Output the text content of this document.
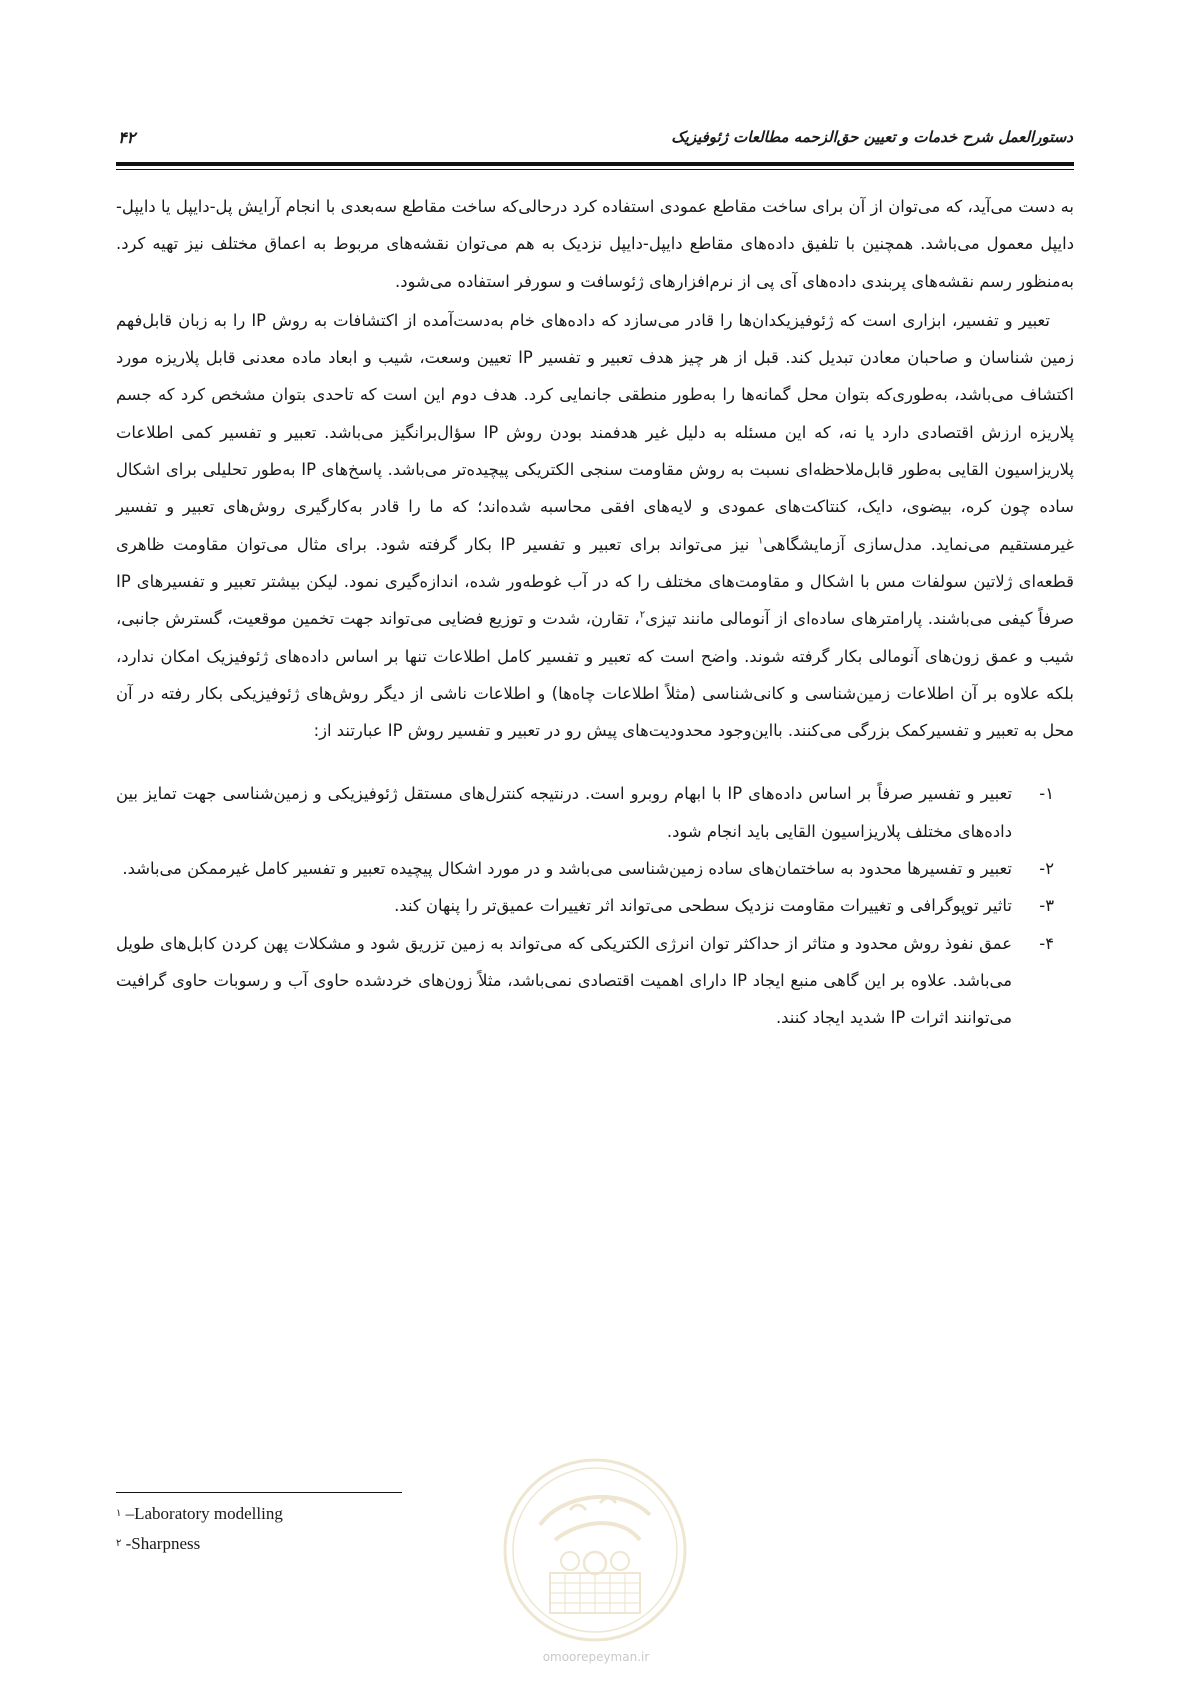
دستورالعمل شرح خدمات و تعیین حق‌الزحمه مطالعات ژئوفیزیک
۴۲

به دست می‌آید، که می‌توان از آن برای ساخت مقاطع عمودی استفاده کرد درحالی‌که ساخت مقاطع سه‌بعدی با انجام آرایش پل-دایپل یا دایپل-دایپل معمول می‌باشد. همچنین با تلفیق داده‌های مقاطع دایپل-دایپل نزدیک به هم می‌توان نقشه‌های مربوط به اعماق مختلف نیز تهیه کرد. به‌منظور رسم نقشه‌های پربندی داده‌های آی پی از نرم‌افزارهای ژئوسافت و سورفر استفاده می‌شود.

تعبیر و تفسیر، ابزاری است که ژئوفیزیکدان‌ها را قادر می‌سازد که داده‌های خام به‌دست‌آمده از اکتشافات به روش IP را به زبان قابل‌فهم زمین شناسان و صاحبان معادن تبدیل کند. قبل از هر چیز هدف تعبیر و تفسیر IP تعیین وسعت، شیب و ابعاد ماده معدنی قابل پلاریزه مورد اکتشاف می‌باشد، به‌طوری‌که بتوان محل گمانه‌ها را به‌طور منطقی جانمایی کرد. هدف دوم این است که تاحدی بتوان مشخص کرد که جسم پلاریزه ارزش اقتصادی دارد یا نه، که این مسئله به دلیل غیر هدفمند بودن روش IP سؤال‌برانگیز می‌باشد. تعبیر و تفسیر کمی اطلاعات پلاریزاسیون القایی به‌طور قابل‌ملاحظه‌ای نسبت به روش مقاومت سنجی الکتریکی پیچیده‌تر می‌باشد. پاسخ‌های IP به‌طور تحلیلی برای اشکال ساده چون کره، بیضوی، دایک، کنتاکت‌های عمودی و لایه‌های افقی محاسبه شده‌اند؛ که ما را قادر به‌کارگیری روش‌های تعبیر و تفسیر غیرمستقیم می‌نماید. مدل‌سازی آزمایشگاهی$^۱$ نیز می‌تواند برای تعبیر و تفسیر IP بکار گرفته شود. برای مثال می‌توان مقاومت ظاهری قطعه‌ای ژلاتین سولفات مس با اشکال و مقاومت‌های مختلف را که در آب غوطه‌ور شده، اندازه‌گیری نمود. لیکن بیشتر تعبیر و تفسیرهای IP صرفاً کیفی می‌باشند. پارامترهای ساده‌ای از آنومالی مانند تیزی$^۲$، تقارن، شدت و توزیع فضایی می‌تواند جهت تخمین موقعیت، گسترش جانبی، شیب و عمق زون‌های آنومالی بکار گرفته شوند. واضح است که تعبیر و تفسیر کامل اطلاعات تنها بر اساس داده‌های ژئوفیزیک امکان ندارد، بلکه علاوه بر آن اطلاعات زمین‌شناسی و کانی‌شناسی (مثلاً اطلاعات چاه‌ها) و اطلاعات ناشی از دیگر روش‌های ژئوفیزیکی بکار رفته در آن محل به تعبیر و تفسیرکمک بزرگی می‌کنند. بااین‌وجود محدودیت‌های پیش رو در تعبیر و تفسیر روش IP عبارتند از:

۱-
تعبیر و تفسیر صرفاً بر اساس داده‌های IP با ابهام روبرو است. درنتیجه کنترل‌های مستقل ژئوفیزیکی و زمین‌شناسی جهت تمایز بین داده‌های مختلف پلاریزاسیون القایی باید انجام شود.
۲-
تعبیر و تفسیرها محدود به ساختمان‌های ساده زمین‌شناسی می‌باشد و در مورد اشکال پیچیده تعبیر و تفسیر کامل غیرممکن می‌باشد.
۳-
تاثیر توپوگرافی و تغییرات مقاومت نزدیک سطحی می‌تواند اثر تغییرات عمیق‌تر را پنهان کند.
۴-
عمق نفوذ روش محدود و متاثر از حداکثر توان انرژی الکتریکی که می‌تواند به زمین تزریق شود و مشکلات پهن کردن کابل‌های طویل می‌باشد. علاوه بر این گاهی منبع ایجاد IP دارای اهمیت اقتصادی نمی‌باشد، مثلاً زون‌های خردشده حاوی آب و رسوبات حاوی گرافیت می‌توانند اثرات IP شدید ایجاد کنند.
$^۱$ –Laboratory modelling
$^۲$ -Sharpness
omoorepeyman.ir
